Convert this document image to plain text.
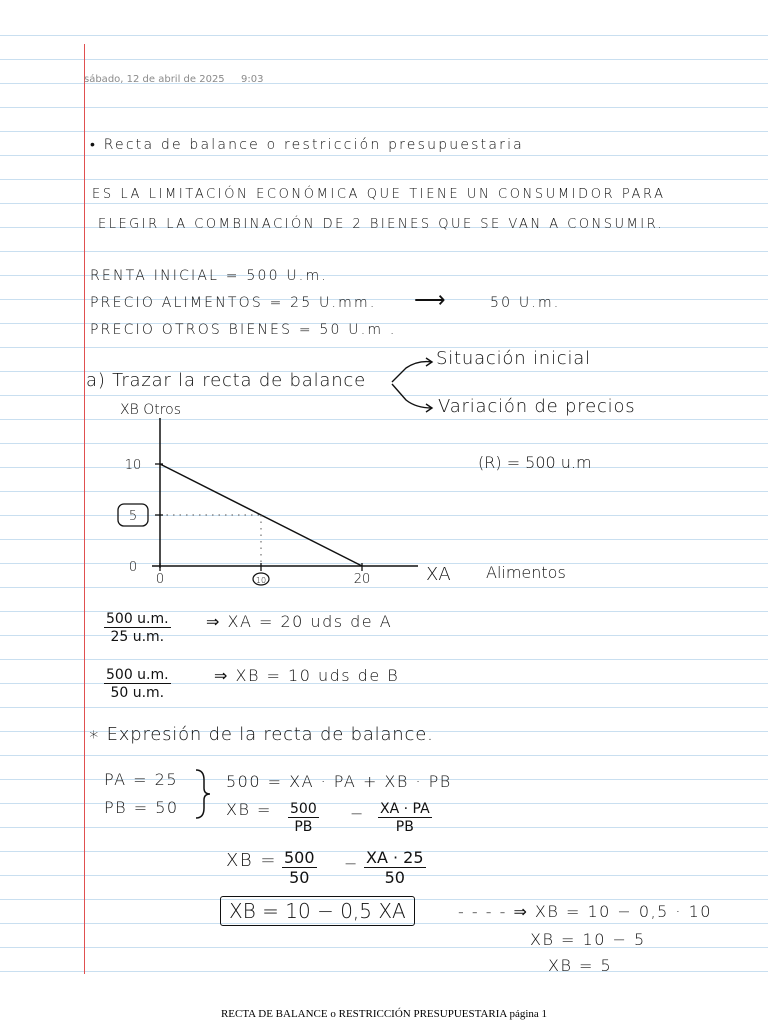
sábado, 12 de abril de 2025 9:03
• Recta de balance o restricción presupuestaria
ES LA LIMITACIÓN ECONÓMICA QUE TIENE UN CONSUMIDOR PARA
ELEGIR LA COMBINACIÓN DE 2 BIENES QUE SE VAN A CONSUMIR.
RENTA INICIAL = 500 U.m.
PRECIO ALIMENTOS = 25 U.mm. ⟶	50 U.m.
PRECIO OTROS BIENES = 50 U.m .
a) Trazar la recta de balance
Situación inicial
Variación de precios
0
5
10
0	10	20
XB Otros
XA Alimentos
(R) = 500 u.m
$\frac{500 u.m.}{25 u.m.}$ ⇒ XA = 20 uds de A
$\frac{500 u.m.}{50 u.m.}$	⇒ XB = 10 uds de B
∗ Expresión de la recta de balance.
PA = 25
PB = 50
500 = XA · PA + XB · PB
XB = $\frac{500}{PB} - \frac{XA \cdot PA}{PB}$
XB = $\frac{500}{50} - \frac{XA \cdot 25}{50}$
XB = 10 − 0,5 XA	- - - - ⇒ XB = 10 − 0,5 · 10
XB = 10 − 5
XB = 5
RECTA DE BALANCE o RESTRICCIÓN PRESUPUESTARIA página 1
